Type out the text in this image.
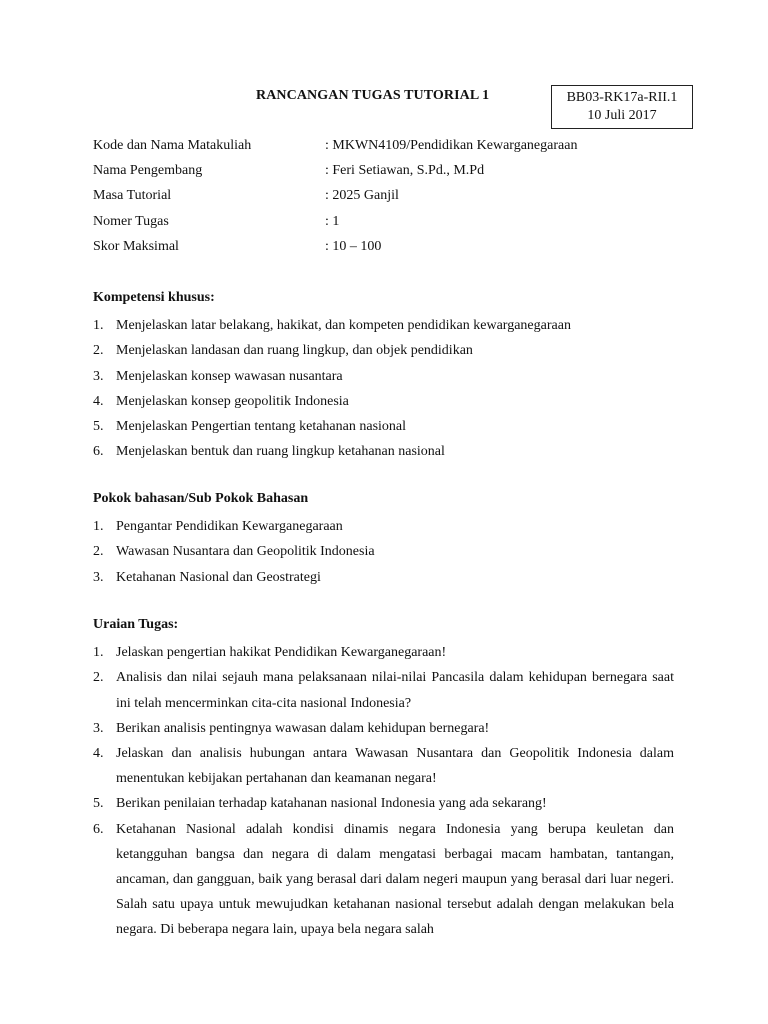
RANCANGAN TUGAS TUTORIAL 1	BB03-RK17a-RII.1
10 Juli 2017
Kode dan Nama Matakuliah	: MKWN4109/Pendidikan Kewarganegaraan
Nama Pengembang	: Feri Setiawan, S.Pd., M.Pd
Masa Tutorial	: 2025 Ganjil
Nomer Tugas	: 1
Skor Maksimal	: 10 – 100
Kompetensi khusus:
1. Menjelaskan latar belakang, hakikat, dan kompeten pendidikan kewarganegaraan
2. Menjelaskan landasan dan ruang lingkup, dan objek pendidikan
3. Menjelaskan konsep wawasan nusantara
4. Menjelaskan konsep geopolitik Indonesia
5. Menjelaskan Pengertian tentang ketahanan nasional
6. Menjelaskan bentuk dan ruang lingkup ketahanan nasional
Pokok bahasan/Sub Pokok Bahasan
1. Pengantar Pendidikan Kewarganegaraan
2. Wawasan Nusantara dan Geopolitik Indonesia
3. Ketahanan Nasional dan Geostrategi
Uraian Tugas:
1. Jelaskan pengertian hakikat Pendidikan Kewarganegaraan!
2. Analisis dan nilai sejauh mana pelaksanaan nilai-nilai Pancasila dalam kehidupan bernegara saat ini telah mencerminkan cita-cita nasional Indonesia?
3. Berikan analisis pentingnya wawasan dalam kehidupan bernegara!
4. Jelaskan dan analisis hubungan antara Wawasan Nusantara dan Geopolitik Indonesia dalam menentukan kebijakan pertahanan dan keamanan negara!
5. Berikan penilaian terhadap katahanan nasional Indonesia yang ada sekarang!
6. Ketahanan Nasional adalah kondisi dinamis negara Indonesia yang berupa keuletan dan ketangguhan bangsa dan negara di dalam mengatasi berbagai macam hambatan, tantangan, ancaman, dan gangguan, baik yang berasal dari dalam negeri maupun yang berasal dari luar negeri. Salah satu upaya untuk mewujudkan ketahanan nasional tersebut adalah dengan melakukan bela negara. Di beberapa negara lain, upaya bela negara salah
